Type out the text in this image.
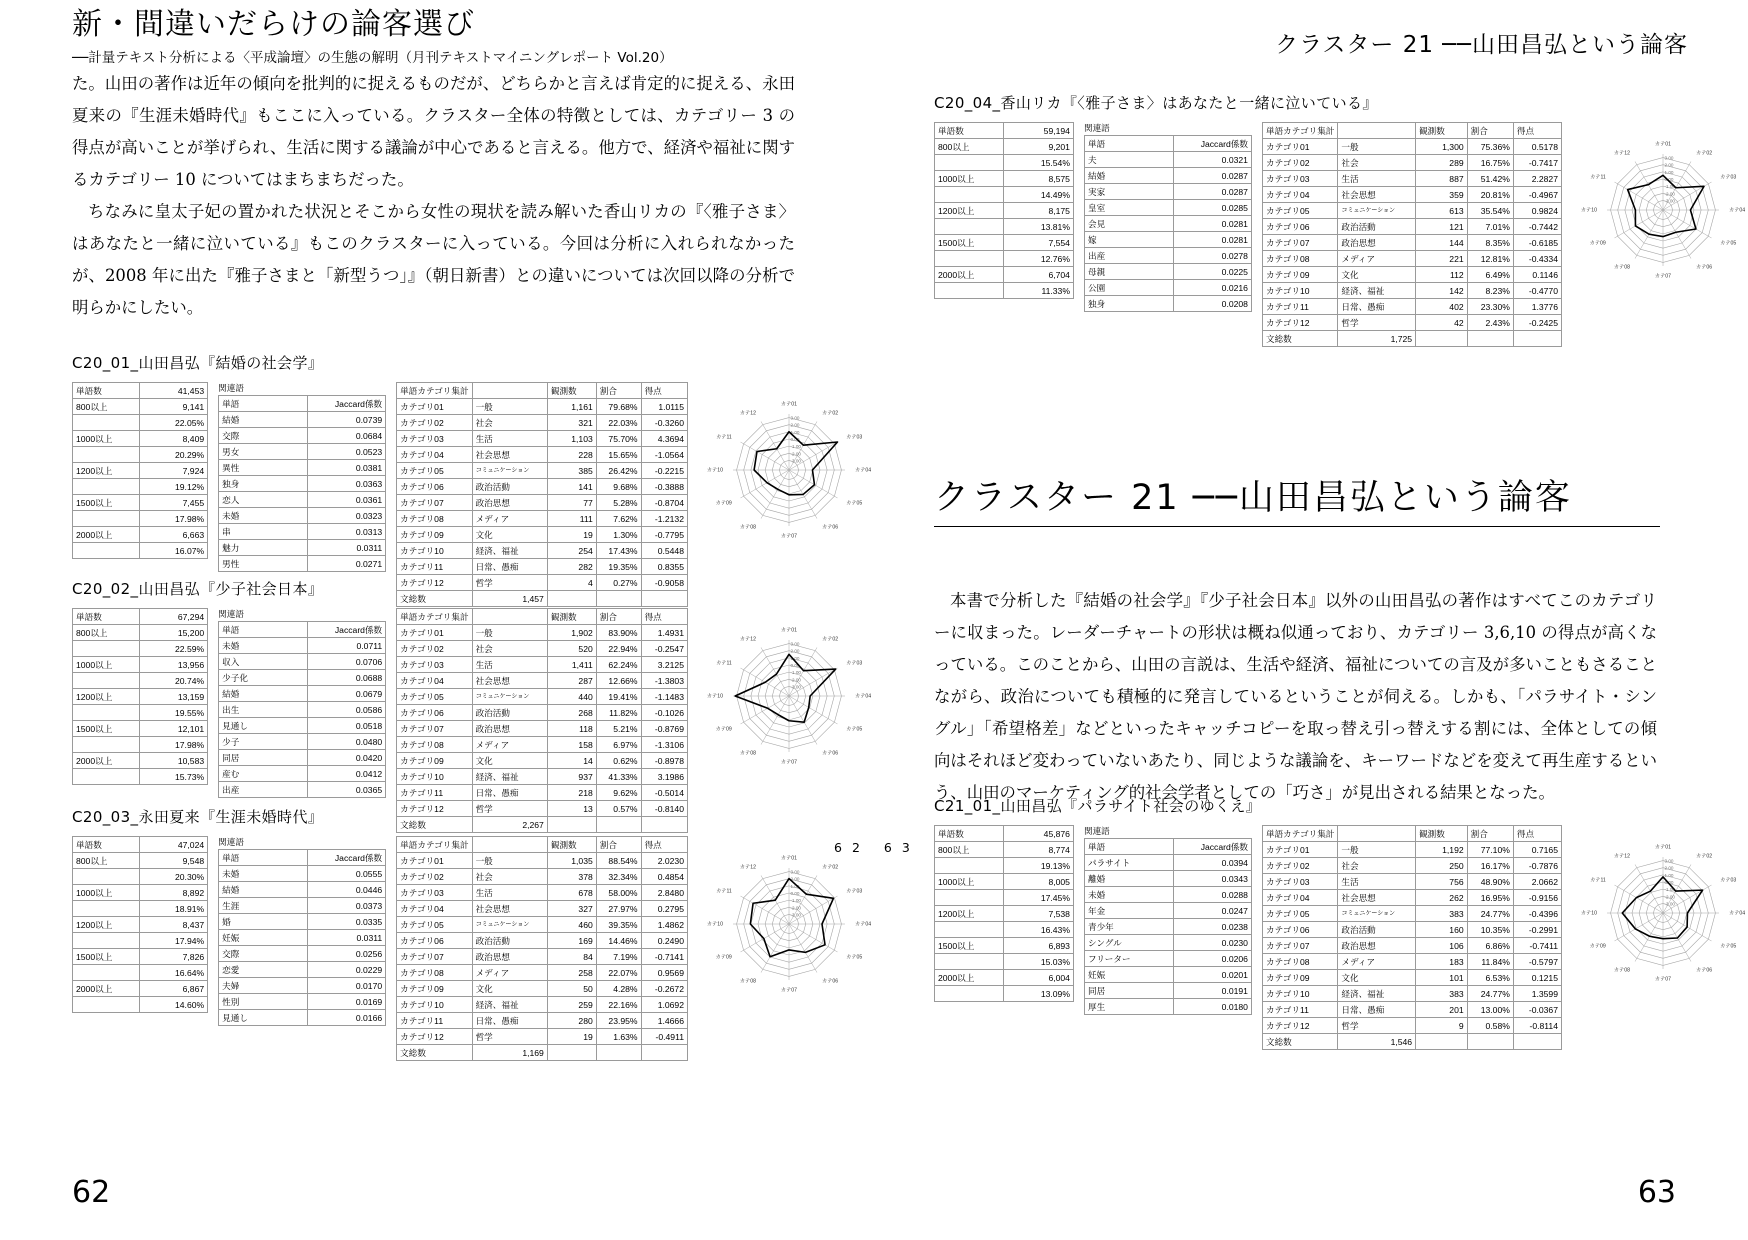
新・間違いだらけの論客選び
──計量テキスト分析による〈平成論壇〉の生態の解明（月刊テキストマイニングレポート Vol.20）

た。山田の著作は近年の傾向を批判的に捉えるものだが、どちらかと言えば肯定的に捉える、永田夏来の『生涯未婚時代』もここに入っている。クラスター全体の特徴としては、カテゴリー 3 の得点が高いことが挙げられ、生活に関する議論が中心であると言える。他方で、経済や福祉に関するカテゴリー 10 についてはまちまちだった。

ちなみに皇太子妃の置かれた状況とそこから女性の現状を読み解いた香山リカの『〈雅子さま〉はあなたと一緒に泣いている』もこのクラスターに入っている。今回は分析に入れられなかったが、2008 年に出た『雅子さまと「新型うつ」』（朝日新書）との違いについては次回以降の分析で明らかにしたい。

C20_01_山田昌弘『結婚の社会学』
単語数	41,453
800以上	9,141
	22.05%
1000以上	8,409
	20.29%
1200以上	7,924
	19.12%
1500以上	7,455
	17.98%
2000以上	6,663
	16.07%
関連語
単語	Jaccard係数
結婚	0.0739
交際	0.0684
男女	0.0523
異性	0.0381
独身	0.0363
恋人	0.0361
未婚	0.0323
串	0.0313
魅力	0.0311
男性	0.0271
単語カテゴリ集計		観測数	割合	得点
カテゴリ01	一般	1,161	79.68%	1.0115
カテゴリ02	社会	321	22.03%	-0.3260
カテゴリ03	生活	1,103	75.70%	4.3694
カテゴリ04	社会思想	228	15.65%	-1.0564
カテゴリ05	コミュニケーション	385	26.42%	-0.2215
カテゴリ06	政治活動	141	9.68%	-0.3888
カテゴリ07	政治思想	77	5.28%	-0.8704
カテゴリ08	メディア	111	7.62%	-1.2132
カテゴリ09	文化	19	1.30%	-0.7795
カテゴリ10	経済、福祉	254	17.43%	0.5448
カテゴリ11	日常、愚痴	282	19.35%	0.8355
カテゴリ12	哲学	4	0.27%	-0.9058
文総数	1,457			
3.00
2.00
1.00
0.00
-1.00
-2.00
-3.00
カテ01
カテ02
カテ03
カテ04
カテ05
カテ06
カテ07
カテ08
カテ09
カテ10
カテ11
カテ12
C20_02_山田昌弘『少子社会日本』
単語数	67,294
800以上	15,200
	22.59%
1000以上	13,956
	20.74%
1200以上	13,159
	19.55%
1500以上	12,101
	17.98%
2000以上	10,583
	15.73%
関連語
単語	Jaccard係数
未婚	0.0711
収入	0.0706
少子化	0.0688
結婚	0.0679
出生	0.0586
見通し	0.0518
少子	0.0480
同居	0.0420
産む	0.0412
出産	0.0365
単語カテゴリ集計		観測数	割合	得点
カテゴリ01	一般	1,902	83.90%	1.4931
カテゴリ02	社会	520	22.94%	-0.2547
カテゴリ03	生活	1,411	62.24%	3.2125
カテゴリ04	社会思想	287	12.66%	-1.3803
カテゴリ05	コミュニケーション	440	19.41%	-1.1483
カテゴリ06	政治活動	268	11.82%	-0.1026
カテゴリ07	政治思想	118	5.21%	-0.8769
カテゴリ08	メディア	158	6.97%	-1.3106
カテゴリ09	文化	14	0.62%	-0.8978
カテゴリ10	経済、福祉	937	41.33%	3.1986
カテゴリ11	日常、愚痴	218	9.62%	-0.5014
カテゴリ12	哲学	13	0.57%	-0.8140
文総数	2,267			
3.00
2.00
1.00
0.00
-1.00
-2.00
-3.00
カテ01
カテ02
カテ03
カテ04
カテ05
カテ06
カテ07
カテ08
カテ09
カテ10
カテ11
カテ12
C20_03_永田夏来『生涯未婚時代』
単語数	47,024
800以上	9,548
	20.30%
1000以上	8,892
	18.91%
1200以上	8,437
	17.94%
1500以上	7,826
	16.64%
2000以上	6,867
	14.60%
関連語
単語	Jaccard係数
未婚	0.0555
結婚	0.0446
生涯	0.0373
婚	0.0335
妊娠	0.0311
交際	0.0256
恋愛	0.0229
夫婦	0.0170
性別	0.0169
見通し	0.0166
単語カテゴリ集計		観測数	割合	得点
カテゴリ01	一般	1,035	88.54%	2.0230
カテゴリ02	社会	378	32.34%	0.4854
カテゴリ03	生活	678	58.00%	2.8480
カテゴリ04	社会思想	327	27.97%	0.2795
カテゴリ05	コミュニケーション	460	39.35%	1.4862
カテゴリ06	政治活動	169	14.46%	0.2490
カテゴリ07	政治思想	84	7.19%	-0.7141
カテゴリ08	メディア	258	22.07%	0.9569
カテゴリ09	文化	50	4.28%	-0.2672
カテゴリ10	経済、福祉	259	22.16%	1.0692
カテゴリ11	日常、愚痴	280	23.95%	1.4666
カテゴリ12	哲学	19	1.63%	-0.4911
文総数	1,169			
3.00
2.00
1.00
0.00
-1.00
-2.00
-3.00
カテ01
カテ02
カテ03
カテ04
カテ05
カテ06
カテ07
カテ08
カテ09
カテ10
カテ11
カテ12
62
クラスター 21 ──山田昌弘という論客
63
C20_04_香山リカ『〈雅子さま〉はあなたと一緒に泣いている』
単語数	59,194
800以上	9,201
	15.54%
1000以上	8,575
	14.49%
1200以上	8,175
	13.81%
1500以上	7,554
	12.76%
2000以上	6,704
	11.33%
関連語
単語	Jaccard係数
夫	0.0321
結婚	0.0287
実家	0.0287
皇室	0.0285
会見	0.0281
嫁	0.0281
出産	0.0278
母親	0.0225
公園	0.0216
独身	0.0208
単語カテゴリ集計		観測数	割合	得点
カテゴリ01	一般	1,300	75.36%	0.5178
カテゴリ02	社会	289	16.75%	-0.7417
カテゴリ03	生活	887	51.42%	2.2827
カテゴリ04	社会思想	359	20.81%	-0.4967
カテゴリ05	コミュニケーション	613	35.54%	0.9824
カテゴリ06	政治活動	121	7.01%	-0.7442
カテゴリ07	政治思想	144	8.35%	-0.6185
カテゴリ08	メディア	221	12.81%	-0.4334
カテゴリ09	文化	112	6.49%	0.1146
カテゴリ10	経済、福祉	142	8.23%	-0.4770
カテゴリ11	日常、愚痴	402	23.30%	1.3776
カテゴリ12	哲学	42	2.43%	-0.2425
文総数	1,725			
3.00
2.00
1.00
0.00
-1.00
-2.00
-3.00
カテ01
カテ02
カテ03
カテ04
カテ05
カテ06
カテ07
カテ08
カテ09
カテ10
カテ11
カテ12
クラスター 21 ──山田昌弘という論客

本書で分析した『結婚の社会学』『少子社会日本』以外の山田昌弘の著作はすべてこのカテゴリーに収まった。レーダーチャートの形状は概ね似通っており、カテゴリー 3,6,10 の得点が高くなっている。このことから、山田の言説は、生活や経済、福祉についての言及が多いこともさることながら、政治についても積極的に発言しているということが伺える。しかも、「パラサイト・シングル」「希望格差」などといったキャッチコピーを取っ替え引っ替えする割には、全体としての傾向はそれほど変わっていないあたり、同じような議論を、キーワードなどを変えて再生産するという、山田のマーケティング的社会学者としての「巧さ」が見出される結果となった。

62 63
C21_01_山田昌弘『パラサイト社会のゆくえ』
単語数	45,876
800以上	8,774
	19.13%
1000以上	8,005
	17.45%
1200以上	7,538
	16.43%
1500以上	6,893
	15.03%
2000以上	6,004
	13.09%
関連語
単語	Jaccard係数
パラサイト	0.0394
離婚	0.0343
未婚	0.0288
年金	0.0247
青少年	0.0238
シングル	0.0230
フリーター	0.0206
妊娠	0.0201
同居	0.0191
厚生	0.0180
単語カテゴリ集計		観測数	割合	得点
カテゴリ01	一般	1,192	77.10%	0.7165
カテゴリ02	社会	250	16.17%	-0.7876
カテゴリ03	生活	756	48.90%	2.0662
カテゴリ04	社会思想	262	16.95%	-0.9156
カテゴリ05	コミュニケーション	383	24.77%	-0.4396
カテゴリ06	政治活動	160	10.35%	-0.2991
カテゴリ07	政治思想	106	6.86%	-0.7411
カテゴリ08	メディア	183	11.84%	-0.5797
カテゴリ09	文化	101	6.53%	0.1215
カテゴリ10	経済、福祉	383	24.77%	1.3599
カテゴリ11	日常、愚痴	201	13.00%	-0.0367
カテゴリ12	哲学	9	0.58%	-0.8114
文総数	1,546			
3.00
2.00
1.00
0.00
-1.00
-2.00
-3.00
カテ01
カテ02
カテ03
カテ04
カテ05
カテ06
カテ07
カテ08
カテ09
カテ10
カテ11
カテ12
